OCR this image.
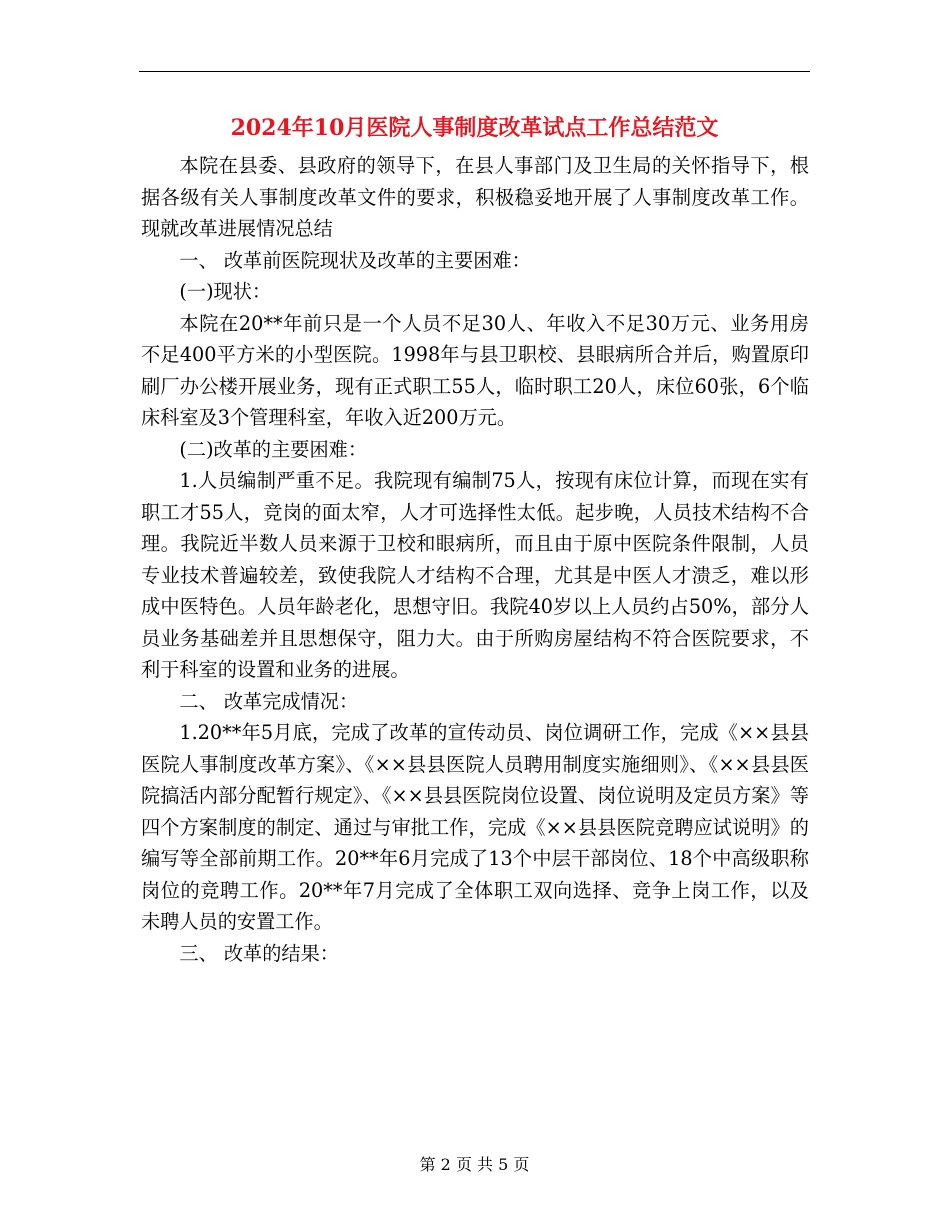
2024年10月医院人事制度改革试点工作总结范文

本院在县委、县政府的领导下，在县人事部门及卫生局的关怀指导下，根据各级有关人事制度改革文件的要求，积极稳妥地开展了人事制度改革工作。现就改革进展情况总结

一、 改革前医院现状及改革的主要困难：

(一)现状：

本院在20**年前只是一个人员不足30人、年收入不足30万元、业务用房不足400平方米的小型医院。1998年与县卫职校、县眼病所合并后，购置原印刷厂办公楼开展业务，现有正式职工55人，临时职工20人，床位60张，6个临床科室及3个管理科室，年收入近200万元。

(二)改革的主要困难：

1.人员编制严重不足。我院现有编制75人，按现有床位计算，而现在实有职工才55人，竞岗的面太窄，人才可选择性太低。起步晚，人员技术结构不合理。我院近半数人员来源于卫校和眼病所，而且由于原中医院条件限制，人员专业技术普遍较差，致使我院人才结构不合理，尤其是中医人才溃乏，难以形成中医特色。人员年龄老化，思想守旧。我院40岁以上人员约占50%，部分人员业务基础差并且思想保守，阻力大。由于所购房屋结构不符合医院要求，不利于科室的设置和业务的进展。

二、 改革完成情况：

1.20**年5月底，完成了改革的宣传动员、岗位调研工作，完成《××县县医院人事制度改革方案》、《××县县医院人员聘用制度实施细则》、《××县县医院搞活内部分配暂行规定》、《××县县医院岗位设置、岗位说明及定员方案》等四个方案制度的制定、通过与审批工作，完成《××县县医院竞聘应试说明》的编写等全部前期工作。20**年6月完成了13个中层干部岗位、18个中高级职称岗位的竞聘工作。20**年7月完成了全体职工双向选择、竞争上岗工作，以及未聘人员的安置工作。

三、 改革的结果：

第 2 页 共 5 页
